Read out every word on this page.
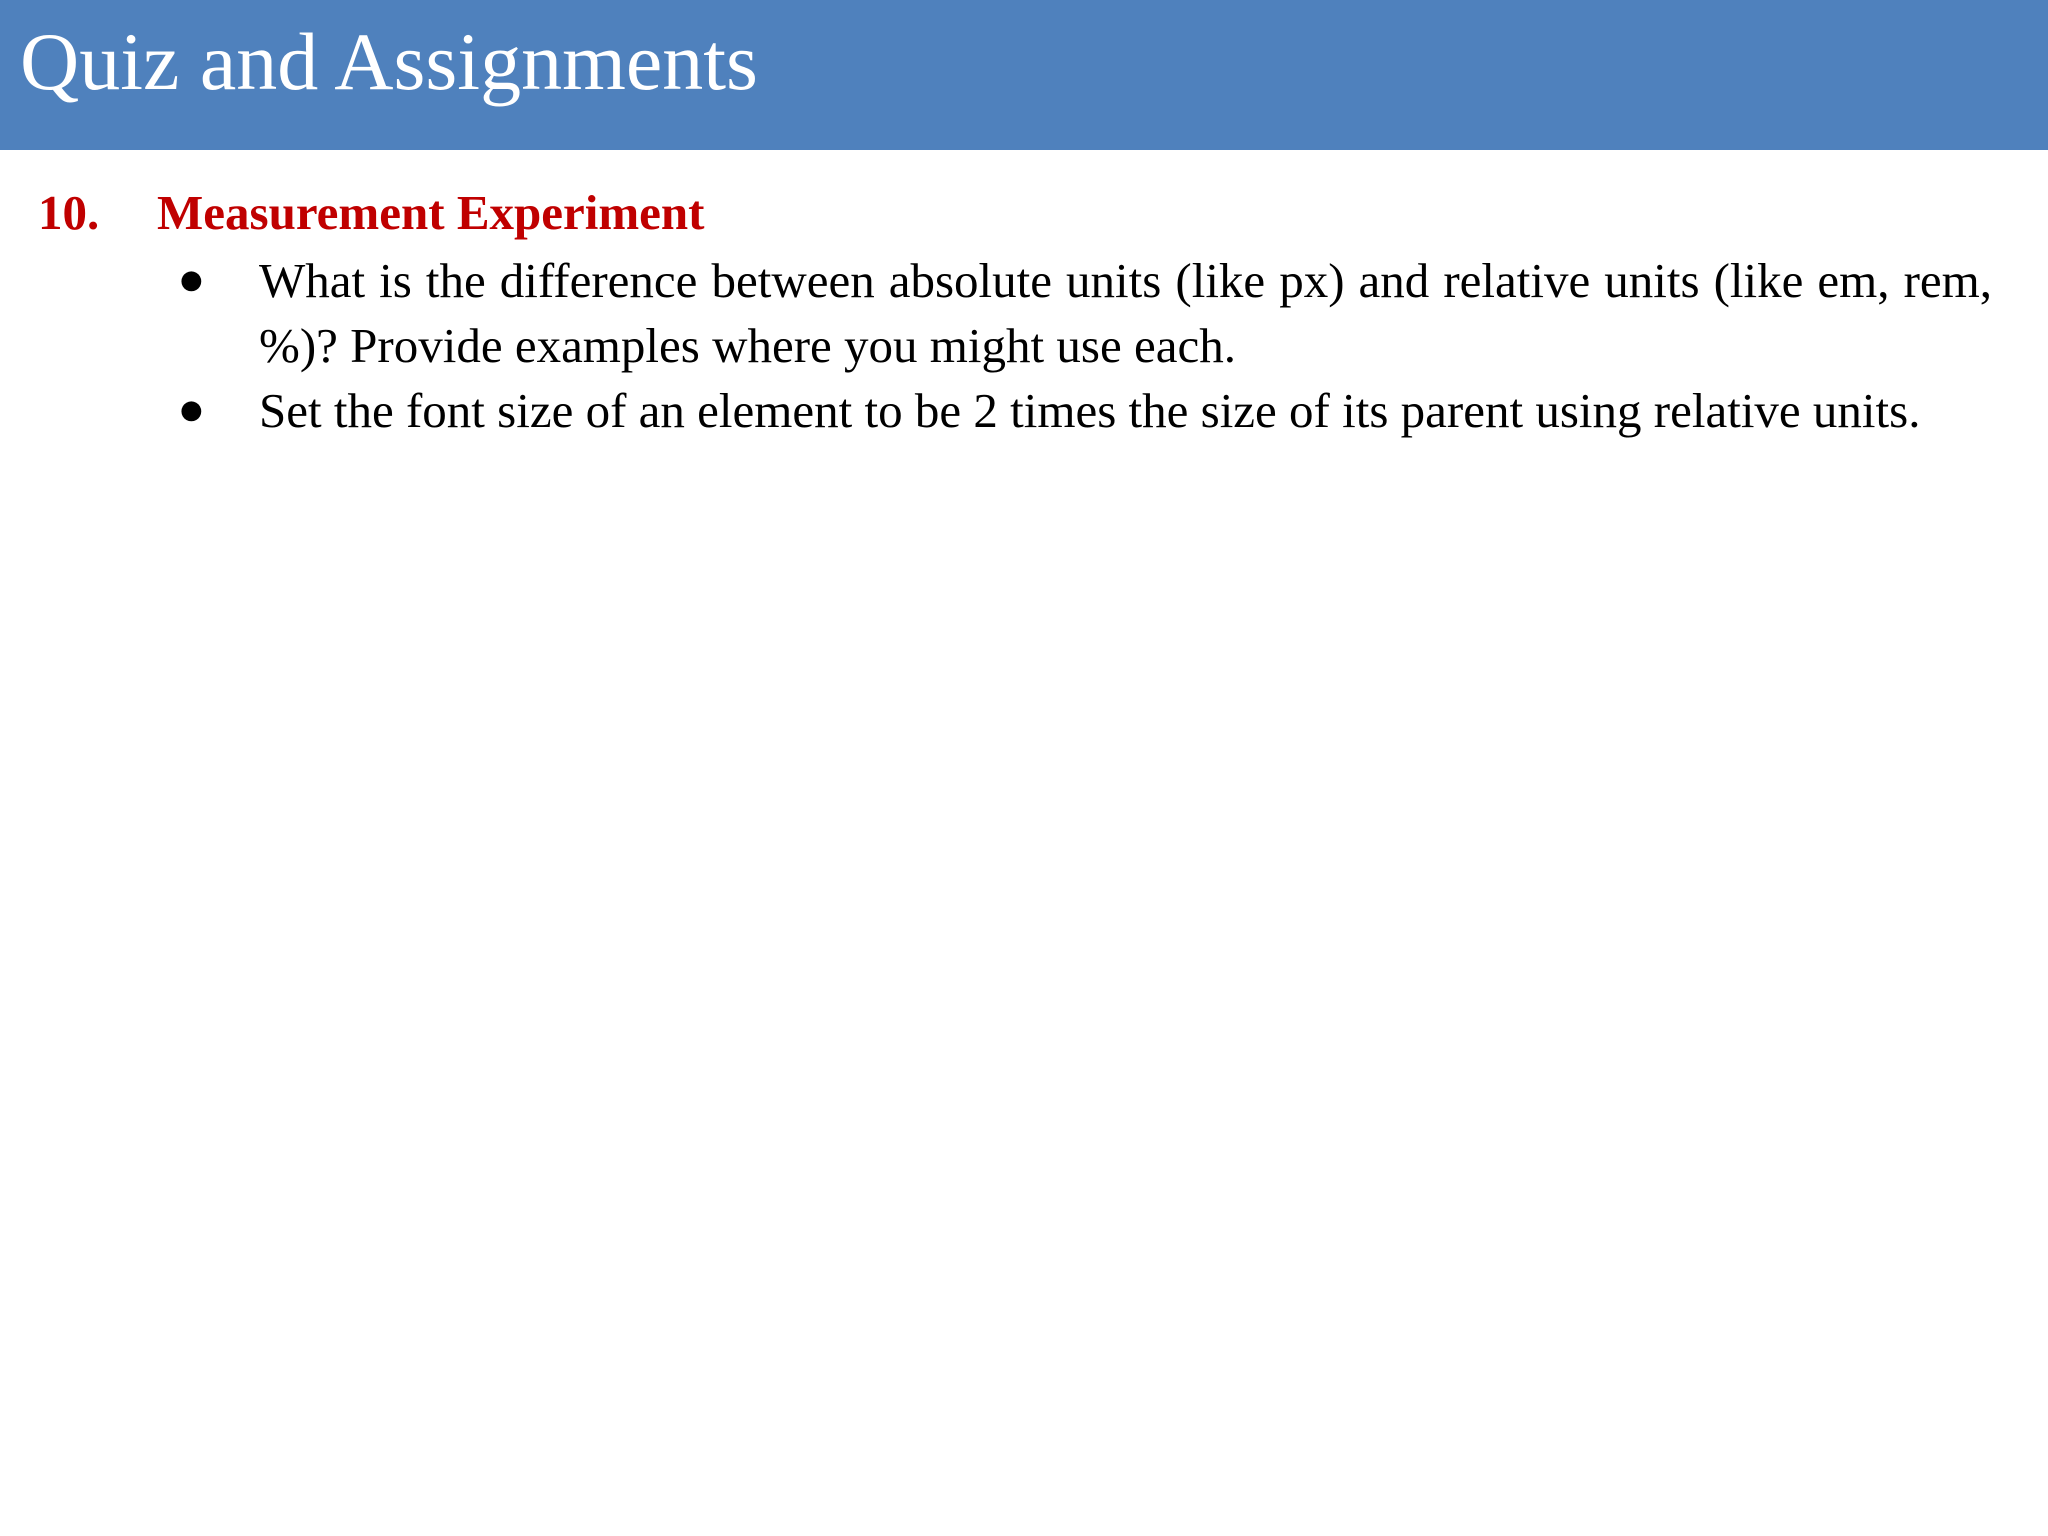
Quiz and Assignments
10. Measurement Experiment
● What is the difference between absolute units (like px) and relative units (like em, rem, %)? Provide examples where you might use each.
● Set the font size of an element to be 2 times the size of its parent using relative units.
